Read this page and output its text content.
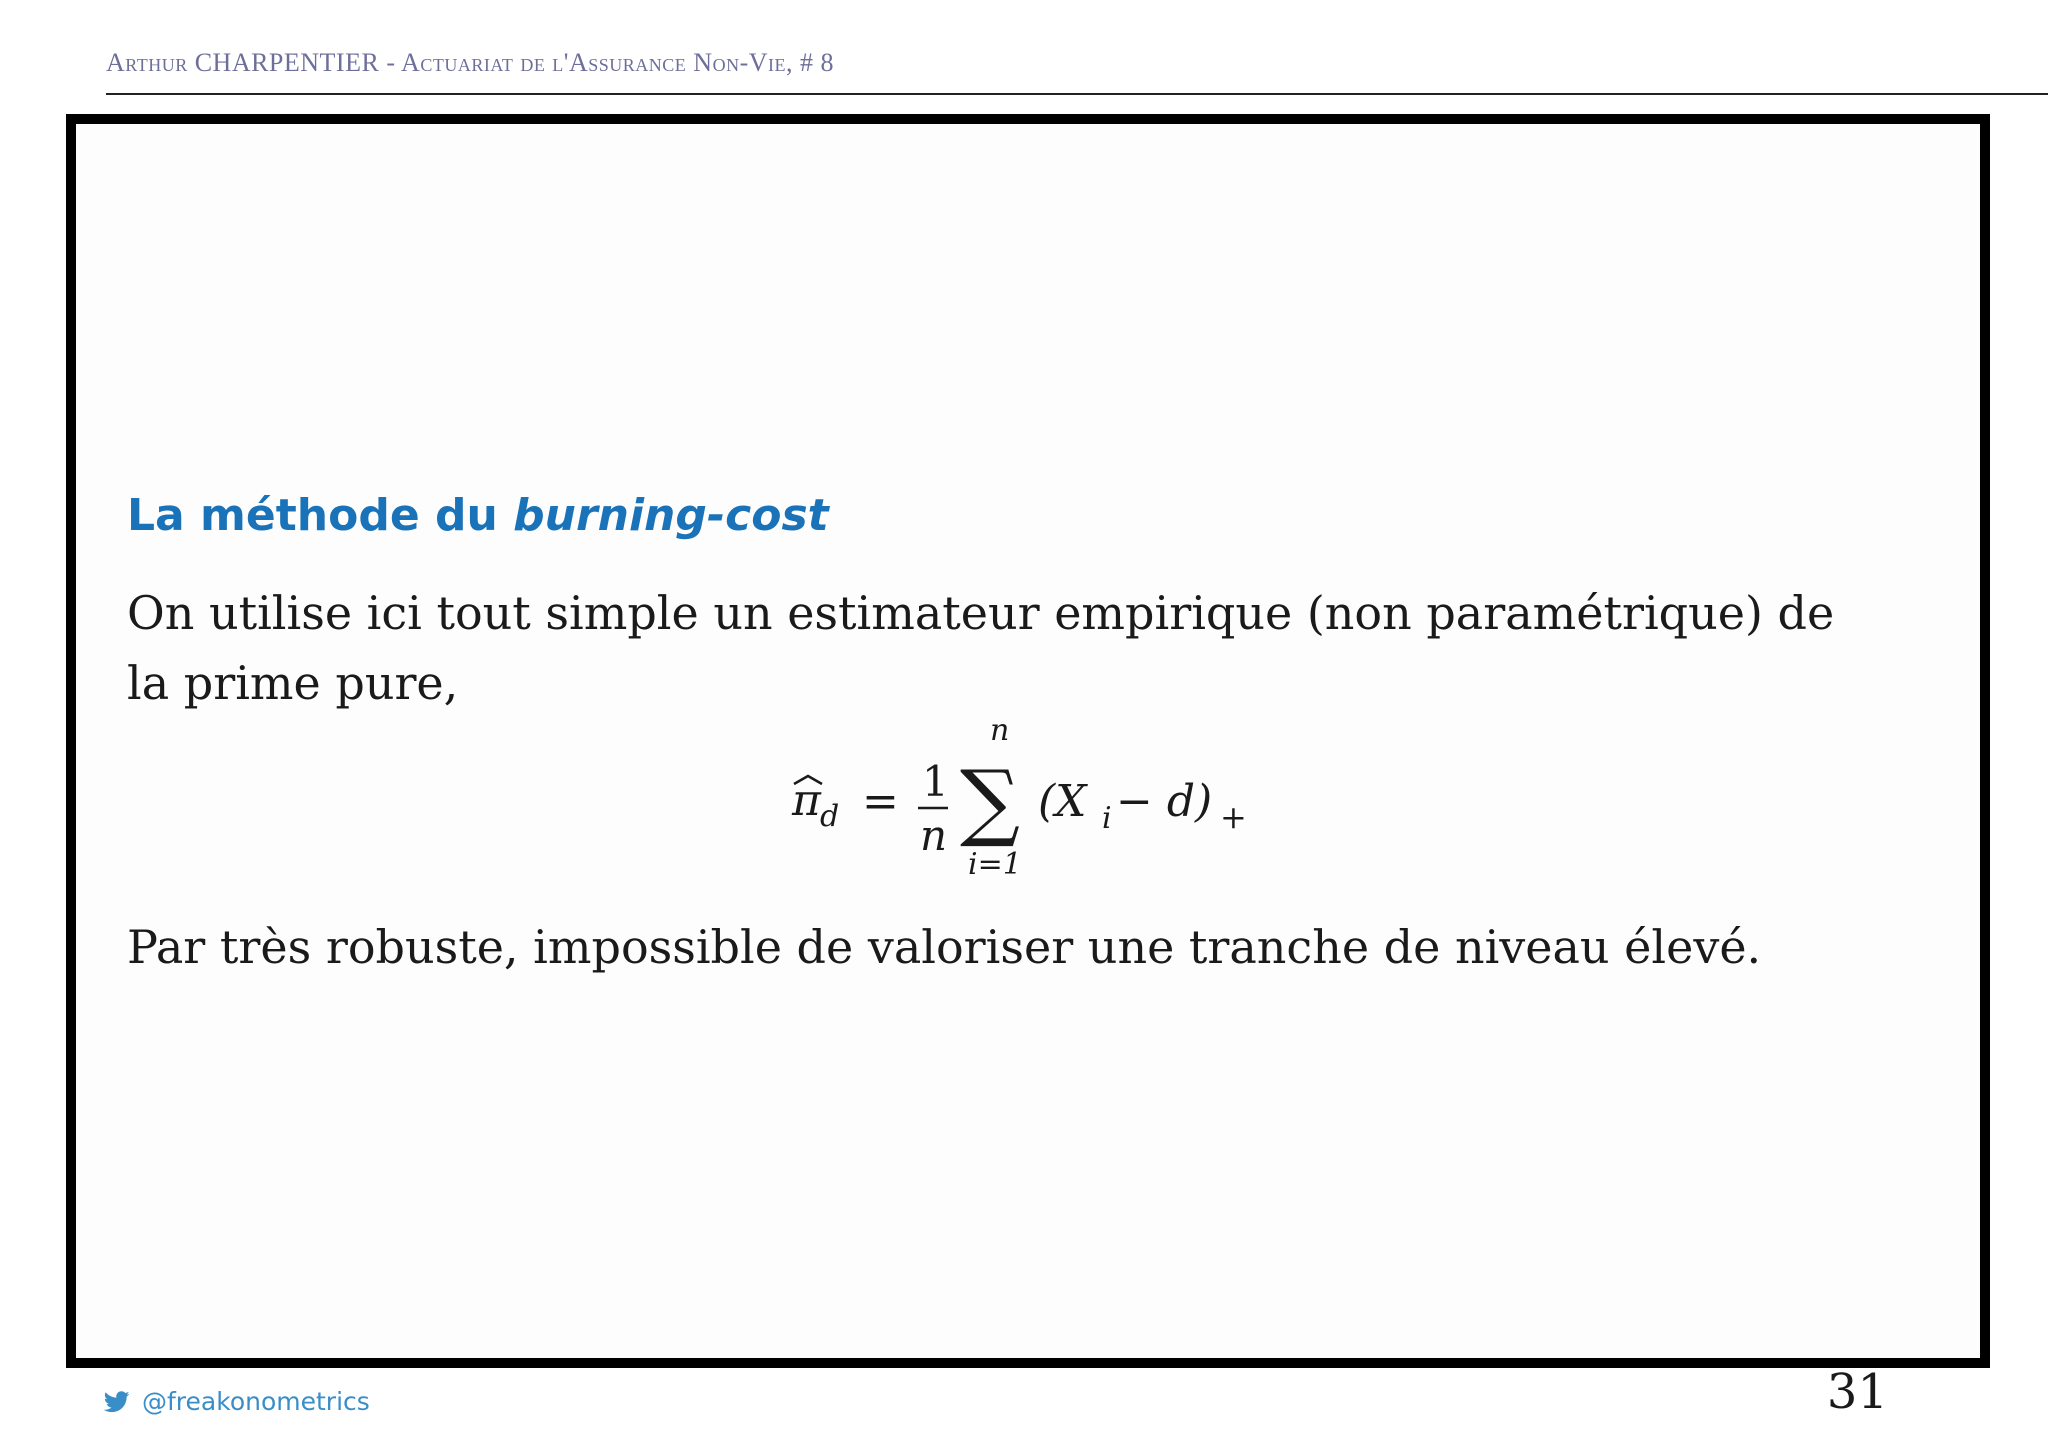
Arthur CHARPENTIER - Actuariat de l'Assurance Non-Vie, # 8
La méthode du burning-cost
On utilise ici tout simple un estimateur empirique (non paramétrique) de la prime pure,
π d = 1
n
n
∑
i=1
(X i − d) +
Par très robuste, impossible de valoriser une tranche de niveau élevé.
@freakonometrics	31
